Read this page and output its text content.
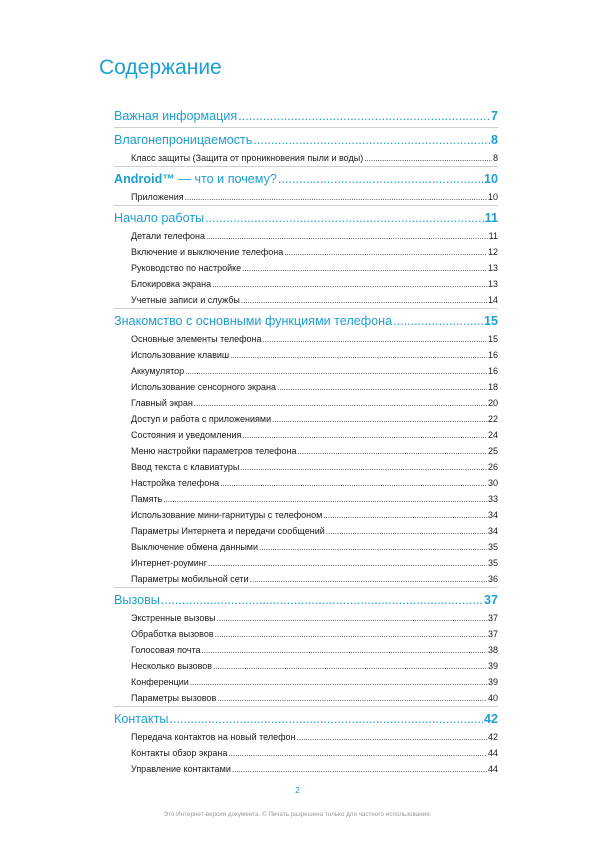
Содержание
Важная информация .....	7
Влагонепроницаемость .....	8
Класс защиты (Защита от проникновения пыли и воды) .....	8
Android™ — что и почему? .....	10
Приложения .....	10
Начало работы .....	11
Детали телефона .....	11
Включение и выключение телефона .....	12
Руководство по настройке .....	13
Блокировка экрана .....	13
Учетные записи и службы .....	14
Знакомство с основными функциями телефона .....	15
Основные элементы телефона .....	15
Использование клавиш .....	16
Аккумулятор .....	16
Использование сенсорного экрана .....	18
Главный экран .....	20
Доступ и работа с приложениями .....	22
Состояния и уведомления .....	24
Меню настройки параметров телефона .....	25
Ввод текста с клавиатуры .....	26
Настройка телефона .....	30
Память .....	33
Использование мини-гарнитуры с телефоном .....	34
Параметры Интернета и передачи сообщений .....	34
Выключение обмена данными .....	35
Интернет-роуминг .....	35
Параметры мобильной сети .....	36
Вызовы .....	37
Экстренные вызовы .....	37
Обработка вызовов .....	37
Голосовая почта .....	38
Несколько вызовов .....	39
Конференции .....	39
Параметры вызовов .....	40
Контакты .....	42
Передача контактов на новый телефон .....	42
Контакты обзор экрана .....	44
Управление контактами .....	44
2
Это Интернет-версия документа. © Печать разрешена только для частного использования.
